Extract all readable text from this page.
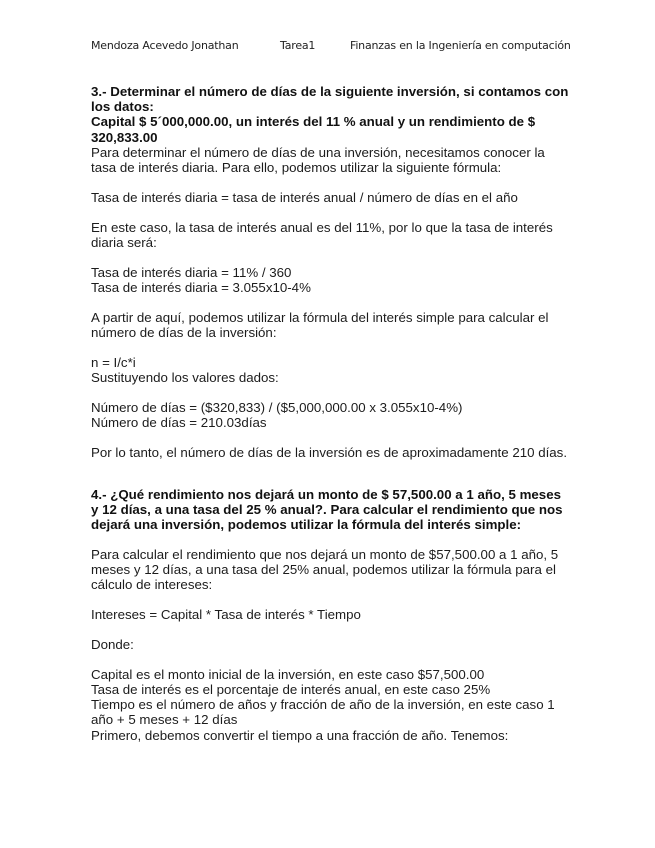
Mendoza Acevedo Jonathan	Tarea1	Finanzas en la Ingeniería en computación

3.- Determinar el número de días de la siguiente inversión, si contamos con los datos:

Capital $ 5´000,000.00, un interés del 11 % anual y un rendimiento de $ 320,833.00

Para determinar el número de días de una inversión, necesitamos conocer la tasa de interés diaria. Para ello, podemos utilizar la siguiente fórmula:

Tasa de interés diaria = tasa de interés anual / número de días en el año

En este caso, la tasa de interés anual es del 11%, por lo que la tasa de interés diaria será:

Tasa de interés diaria = 11% / 360

Tasa de interés diaria = 3.055x10-4%

A partir de aquí, podemos utilizar la fórmula del interés simple para calcular el número de días de la inversión:

n = I/c*i

Sustituyendo los valores dados:

Número de días = ($320,833) / ($5,000,000.00 x 3.055x10-4%)

Número de días = 210.03días

Por lo tanto, el número de días de la inversión es de aproximadamente 210 días.

4.- ¿Qué rendimiento nos dejará un monto de $ 57,500.00 a 1 año, 5 meses y 12 días, a una tasa del 25 % anual?. Para calcular el rendimiento que nos dejará una inversión, podemos utilizar la fórmula del interés simple:

Para calcular el rendimiento que nos dejará un monto de $57,500.00 a 1 año, 5 meses y 12 días, a una tasa del 25% anual, podemos utilizar la fórmula para el cálculo de intereses:

Intereses = Capital * Tasa de interés * Tiempo

Donde:

Capital es el monto inicial de la inversión, en este caso $57,500.00

Tasa de interés es el porcentaje de interés anual, en este caso 25%

Tiempo es el número de años y fracción de año de la inversión, en este caso 1 año + 5 meses + 12 días

Primero, debemos convertir el tiempo a una fracción de año. Tenemos:
